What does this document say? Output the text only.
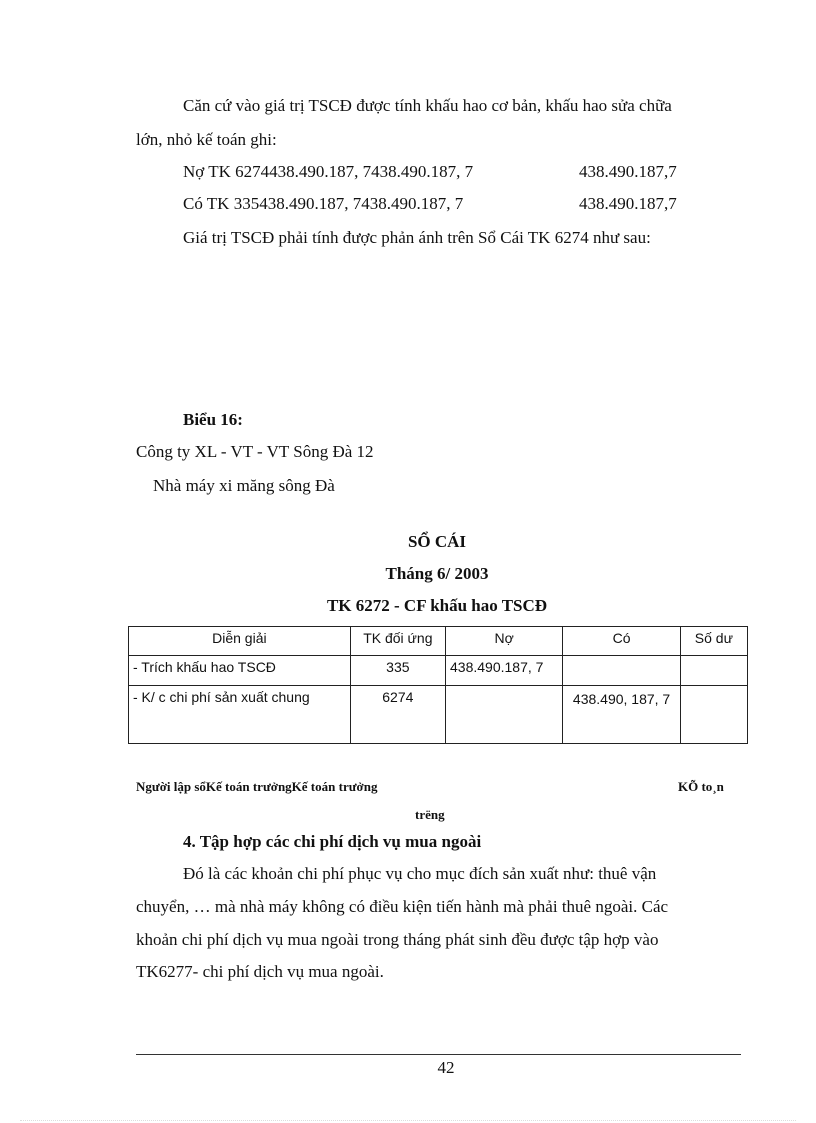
Căn cứ vào giá trị TSCĐ được tính khấu hao cơ bản, khấu hao sửa chữa
lớn, nhỏ kế toán ghi:
Nợ TK 6274438.490.187, 7438.490.187, 7	438.490.187,7
Có TK 335438.490.187, 7438.490.187, 7	438.490.187,7
Giá trị TSCĐ phải tính được phản ánh trên Sổ Cái TK 6274 như sau:
Biểu 16:
Công ty XL - VT - VT Sông Đà 12
Nhà máy xi măng sông Đà
SỔ CÁI
Tháng 6/ 2003
TK 6272 - CF khấu hao TSCĐ
Diễn giải	TK đối ứng	Nợ	Có	Số dư
- Trích khấu hao TSCĐ	335	438.490.187, 7		
- K/ c chi phí sản xuất chung	6274		438.490, 187, 7	
Người lập sổKế toán trưởngKế toán trưởng	KÕ to¸n
trëng
4. Tập hợp các chi phí dịch vụ mua ngoài
Đó là các khoản chi phí phục vụ cho mục đích sản xuất như: thuê vận
chuyển, … mà nhà máy không có điều kiện tiến hành mà phải thuê ngoài. Các
khoản chi phí dịch vụ mua ngoài trong tháng phát sinh đều được tập hợp vào
TK6277- chi phí dịch vụ mua ngoài.
42
